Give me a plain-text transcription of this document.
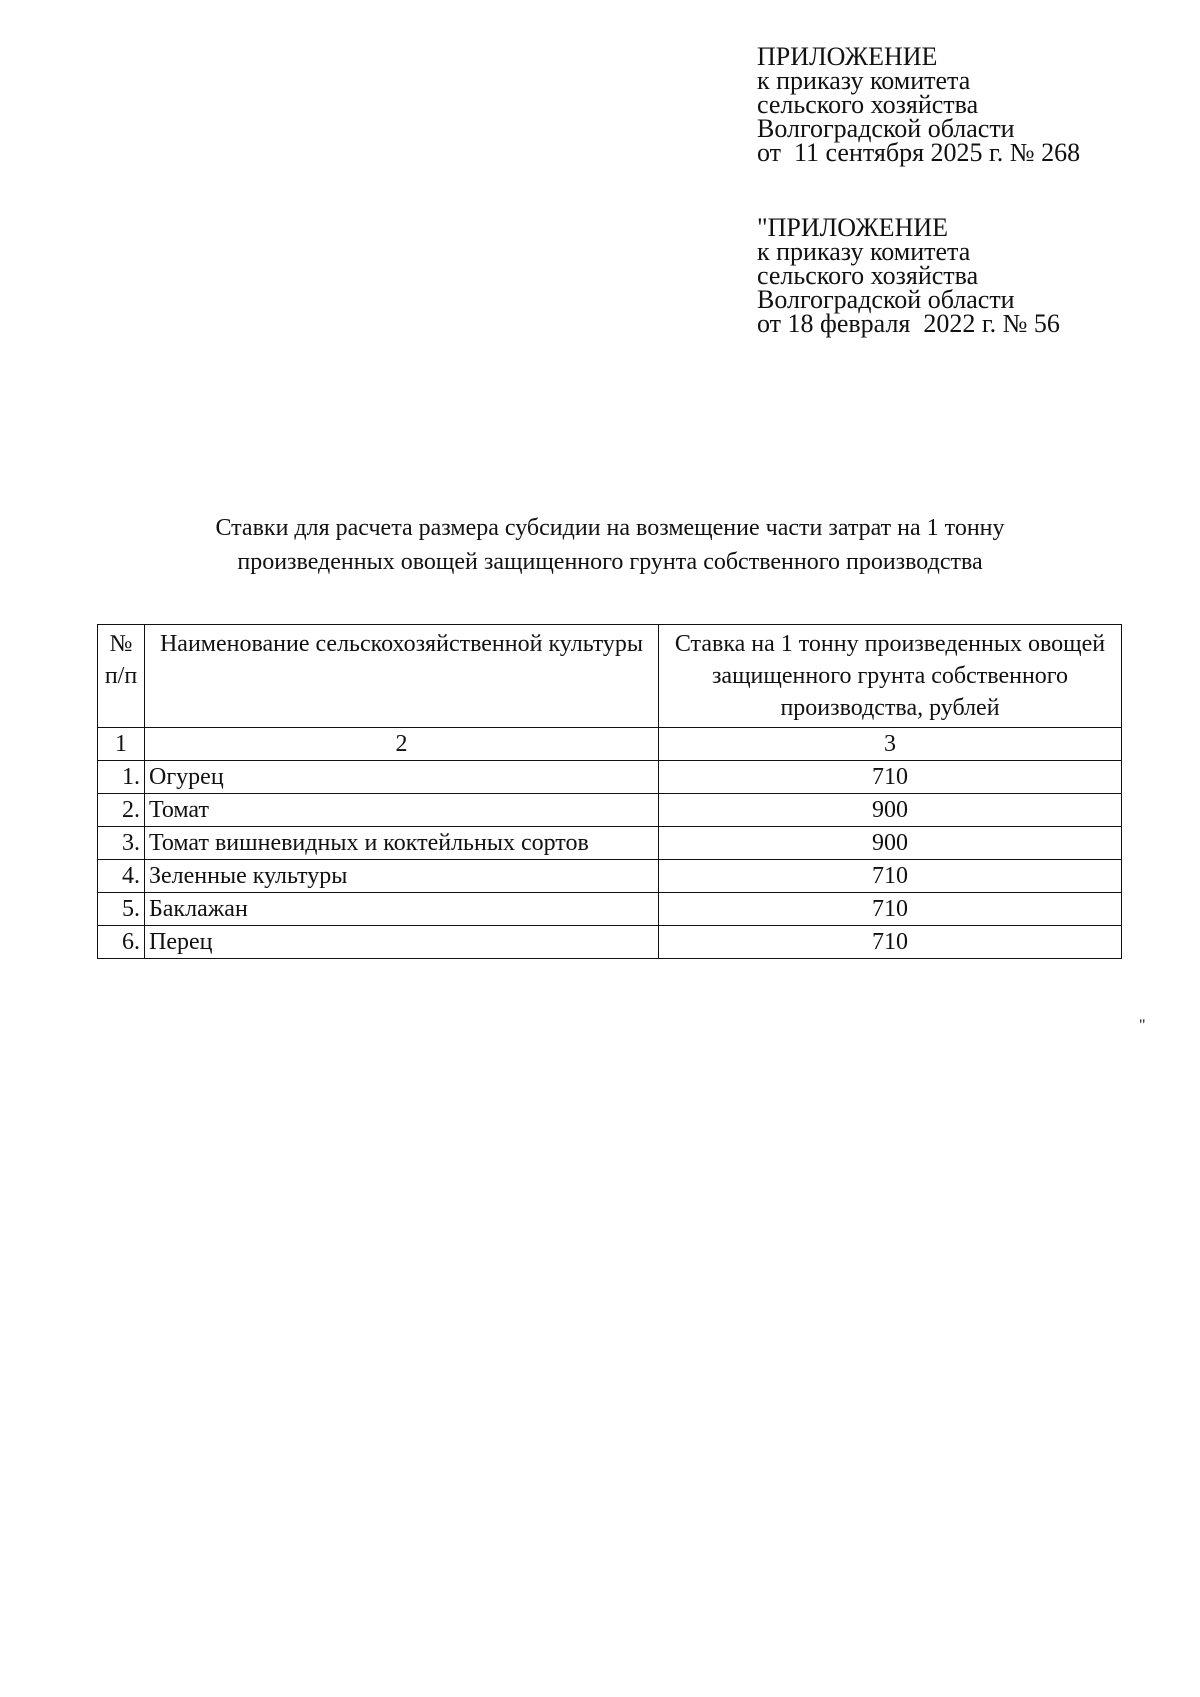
ПРИЛОЖЕНИЕ
к приказу комитета
сельского хозяйства
Волгоградской области
от  11 сентября 2025 г. № 268
"ПРИЛОЖЕНИЕ
к приказу комитета
сельского хозяйства
Волгоградской области
от 18 февраля  2022 г. № 56
Ставки для расчета размера субсидии на возмещение части затрат на 1 тонну
произведенных овощей защищенного грунта собственного производства
№ п/п	Наименование сельскохозяйственной культуры	Ставка на 1 тонну произведенных овощей защищенного грунта собственного производства, рублей
1	2	3
1.	Огурец	710
2.	Томат	900
3.	Томат вишневидных и коктейльных сортов	900
4.	Зеленные культуры	710
5.	Баклажан	710
6.	Перец	710
"
